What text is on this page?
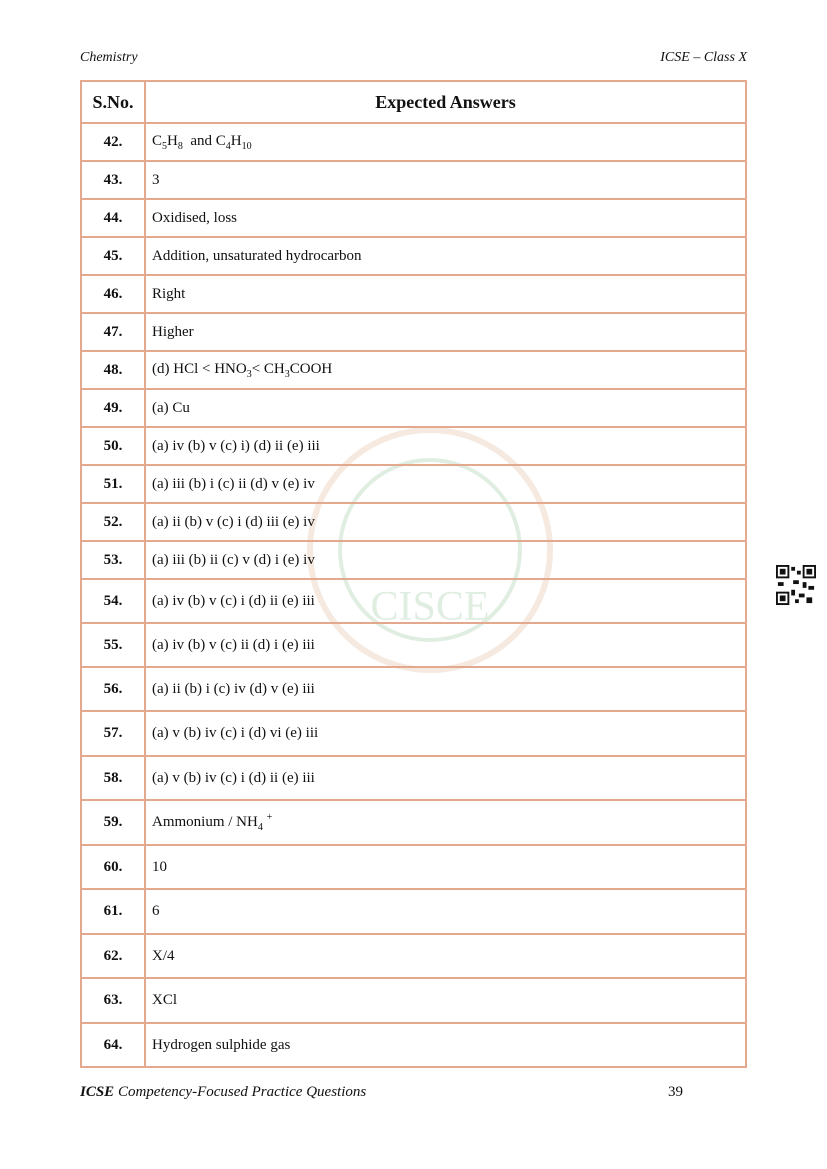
Chemistry	ICSE – Class X
CISCE
S.No.	Expected Answers
42.	$C_5H_8$  and $C_4H_{10}$
43.	3
44.	Oxidised, loss
45.	Addition, unsaturated hydrocarbon
46.	Right
47.	Higher
48.	(d) HCl < $HNO_3<$ $CH_3COOH$
49.	(a) Cu
50.	(a) iv (b) v (c) i) (d) ii (e) iii
51.	(a) iii (b) i (c) ii (d) v (e) iv
52.	(a) ii (b) v (c) i (d) iii (e) iv
53.	(a) iii (b) ii (c) v (d) i (e) iv
54.	(a) iv (b) v (c) i (d) ii (e) iii
55.	(a) iv (b) v (c) ii (d) i (e) iii
56.	(a) ii (b) i (c) iv (d) v (e) iii
57.	(a) v (b) iv (c) i (d) vi (e) iii
58.	(a) v (b) iv (c) i (d) ii (e) iii
59.	Ammonium / $NH_4$ +
60.	10
61.	6
62.	X/4
63.	XCl
64.	Hydrogen sulphide gas
ICSE Competency-Focused Practice Questions	39
